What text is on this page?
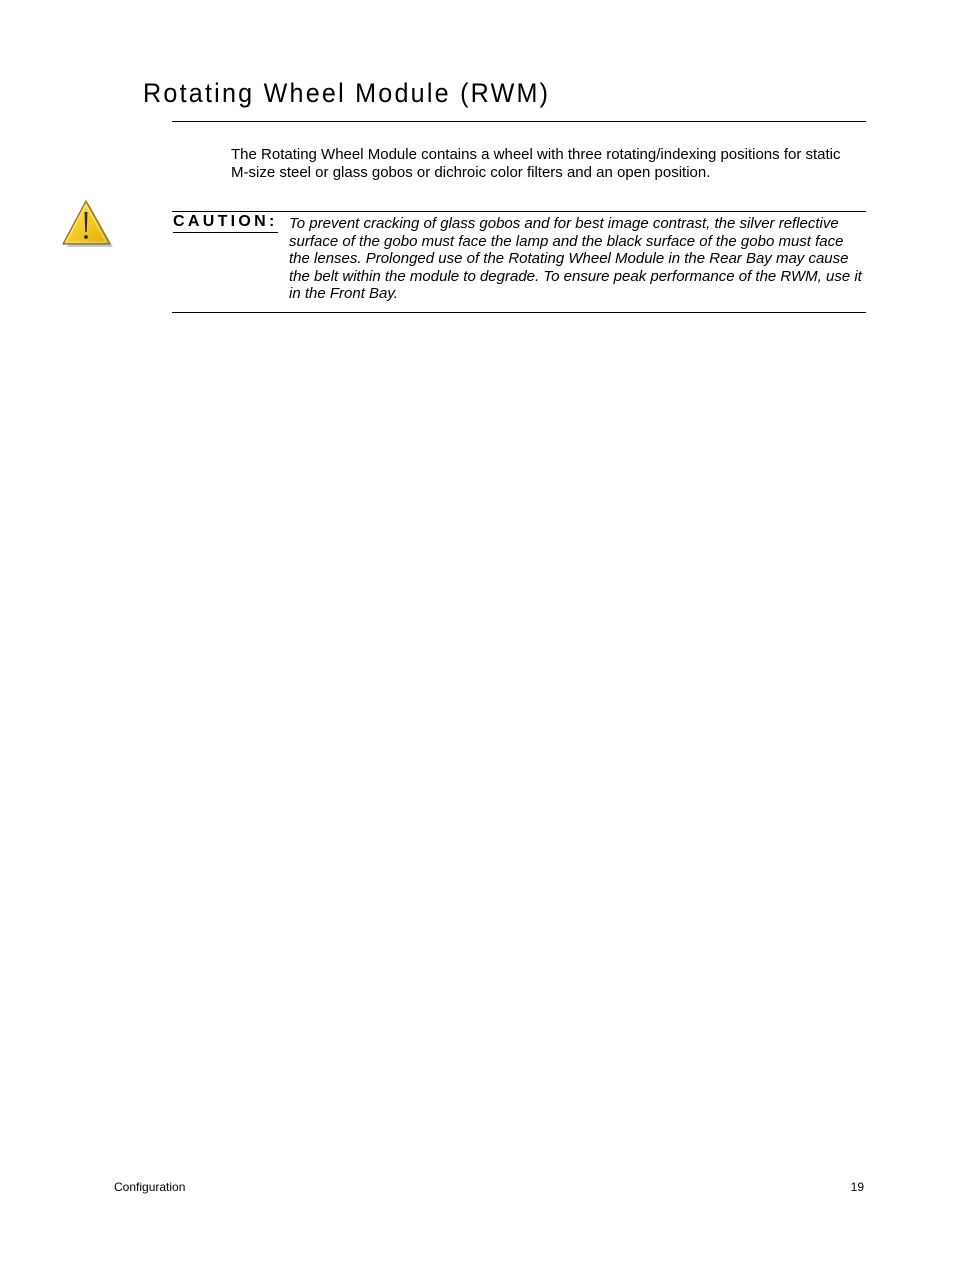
Rotating Wheel Module (RWM)

The Rotating Wheel Module contains a wheel with three rotating/indexing positions for static M-size steel or glass gobos or dichroic color filters and an open position.

CAUTION: To prevent cracking of glass gobos and for best image contrast, the silver reflective surface of the gobo must face the lamp and the black surface of the gobo must face the lenses. Prolonged use of the Rotating Wheel Module in the Rear Bay may cause the belt within the module to degrade. To ensure peak performance of the RWM, use it in the Front Bay.

Configuration	19
